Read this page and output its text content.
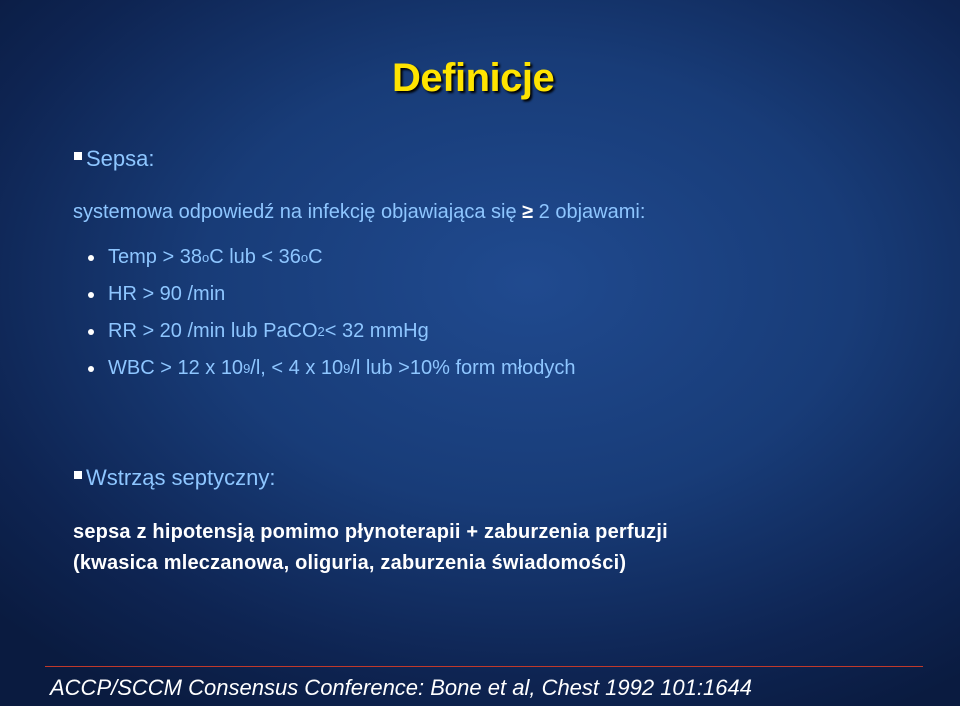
Definicje
Sepsa:
systemowa odpowiedź na infekcję objawiająca się ≥ 2 objawami:
Temp > 38 o C lub < 36 o C
HR > 90 /min
RR > 20 /min lub PaCO 2 < 32 mmHg
WBC > 12 x 10 9 /l, < 4 x 10 9 /l lub >10% form młodych
Wstrząs septyczny:
sepsa z hipotensją pomimo płynoterapii + zaburzenia perfuzji
(kwasica mleczanowa, oliguria, zaburzenia świadomości)
ACCP/SCCM Consensus Conference: Bone et al, Chest 1992 101:1644
